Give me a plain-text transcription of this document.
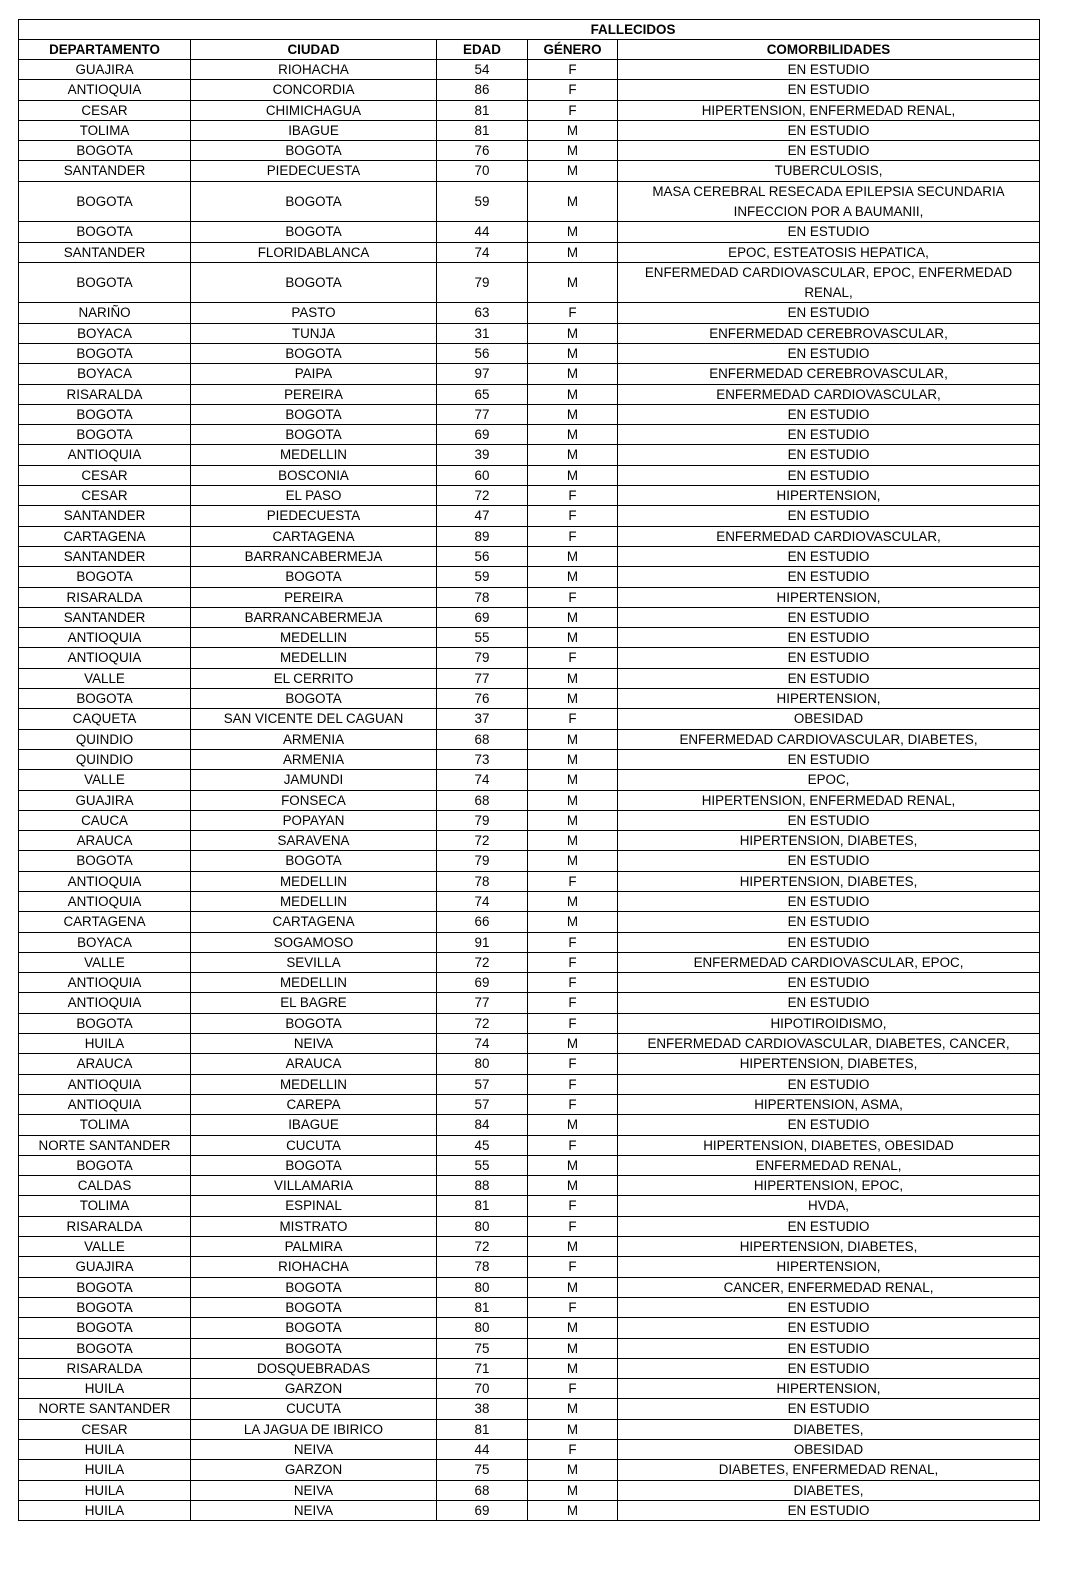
FALLECIDOS				
DEPARTAMENTO	CIUDAD	EDAD	GÉNERO	COMORBILIDADES
GUAJIRA	RIOHACHA	54	F	EN ESTUDIO
ANTIOQUIA	CONCORDIA	86	F	EN ESTUDIO
CESAR	CHIMICHAGUA	81	F	HIPERTENSION, ENFERMEDAD RENAL,
TOLIMA	IBAGUE	81	M	EN ESTUDIO
BOGOTA	BOGOTA	76	M	EN ESTUDIO
SANTANDER	PIEDECUESTA	70	M	TUBERCULOSIS,
BOGOTA	BOGOTA	59	M	MASA CEREBRAL RESECADA EPILEPSIA SECUNDARIA INFECCION POR A BAUMANII,
BOGOTA	BOGOTA	44	M	EN ESTUDIO
SANTANDER	FLORIDABLANCA	74	M	EPOC, ESTEATOSIS HEPATICA,
BOGOTA	BOGOTA	79	M	ENFERMEDAD CARDIOVASCULAR, EPOC, ENFERMEDAD RENAL,
NARIÑO	PASTO	63	F	EN ESTUDIO
BOYACA	TUNJA	31	M	ENFERMEDAD CEREBROVASCULAR,
BOGOTA	BOGOTA	56	M	EN ESTUDIO
BOYACA	PAIPA	97	M	ENFERMEDAD CEREBROVASCULAR,
RISARALDA	PEREIRA	65	M	ENFERMEDAD CARDIOVASCULAR,
BOGOTA	BOGOTA	77	M	EN ESTUDIO
BOGOTA	BOGOTA	69	M	EN ESTUDIO
ANTIOQUIA	MEDELLIN	39	M	EN ESTUDIO
CESAR	BOSCONIA	60	M	EN ESTUDIO
CESAR	EL PASO	72	F	HIPERTENSION,
SANTANDER	PIEDECUESTA	47	F	EN ESTUDIO
CARTAGENA	CARTAGENA	89	F	ENFERMEDAD CARDIOVASCULAR,
SANTANDER	BARRANCABERMEJA	56	M	EN ESTUDIO
BOGOTA	BOGOTA	59	M	EN ESTUDIO
RISARALDA	PEREIRA	78	F	HIPERTENSION,
SANTANDER	BARRANCABERMEJA	69	M	EN ESTUDIO
ANTIOQUIA	MEDELLIN	55	M	EN ESTUDIO
ANTIOQUIA	MEDELLIN	79	F	EN ESTUDIO
VALLE	EL CERRITO	77	M	EN ESTUDIO
BOGOTA	BOGOTA	76	M	HIPERTENSION,
CAQUETA	SAN VICENTE DEL CAGUAN	37	F	OBESIDAD
QUINDIO	ARMENIA	68	M	ENFERMEDAD CARDIOVASCULAR, DIABETES,
QUINDIO	ARMENIA	73	M	EN ESTUDIO
VALLE	JAMUNDI	74	M	EPOC,
GUAJIRA	FONSECA	68	M	HIPERTENSION, ENFERMEDAD RENAL,
CAUCA	POPAYAN	79	M	EN ESTUDIO
ARAUCA	SARAVENA	72	M	HIPERTENSION, DIABETES,
BOGOTA	BOGOTA	79	M	EN ESTUDIO
ANTIOQUIA	MEDELLIN	78	F	HIPERTENSION, DIABETES,
ANTIOQUIA	MEDELLIN	74	M	EN ESTUDIO
CARTAGENA	CARTAGENA	66	M	EN ESTUDIO
BOYACA	SOGAMOSO	91	F	EN ESTUDIO
VALLE	SEVILLA	72	F	ENFERMEDAD CARDIOVASCULAR, EPOC,
ANTIOQUIA	MEDELLIN	69	F	EN ESTUDIO
ANTIOQUIA	EL BAGRE	77	F	EN ESTUDIO
BOGOTA	BOGOTA	72	F	HIPOTIROIDISMO,
HUILA	NEIVA	74	M	ENFERMEDAD CARDIOVASCULAR, DIABETES, CANCER,
ARAUCA	ARAUCA	80	F	HIPERTENSION, DIABETES,
ANTIOQUIA	MEDELLIN	57	F	EN ESTUDIO
ANTIOQUIA	CAREPA	57	F	HIPERTENSION, ASMA,
TOLIMA	IBAGUE	84	M	EN ESTUDIO
NORTE SANTANDER	CUCUTA	45	F	HIPERTENSION, DIABETES, OBESIDAD
BOGOTA	BOGOTA	55	M	ENFERMEDAD RENAL,
CALDAS	VILLAMARIA	88	M	HIPERTENSION, EPOC,
TOLIMA	ESPINAL	81	F	HVDA,
RISARALDA	MISTRATO	80	F	EN ESTUDIO
VALLE	PALMIRA	72	M	HIPERTENSION, DIABETES,
GUAJIRA	RIOHACHA	78	F	HIPERTENSION,
BOGOTA	BOGOTA	80	M	CANCER, ENFERMEDAD RENAL,
BOGOTA	BOGOTA	81	F	EN ESTUDIO
BOGOTA	BOGOTA	80	M	EN ESTUDIO
BOGOTA	BOGOTA	75	M	EN ESTUDIO
RISARALDA	DOSQUEBRADAS	71	M	EN ESTUDIO
HUILA	GARZON	70	F	HIPERTENSION,
NORTE SANTANDER	CUCUTA	38	M	EN ESTUDIO
CESAR	LA JAGUA DE IBIRICO	81	M	DIABETES,
HUILA	NEIVA	44	F	OBESIDAD
HUILA	GARZON	75	M	DIABETES, ENFERMEDAD RENAL,
HUILA	NEIVA	68	M	DIABETES,
HUILA	NEIVA	69	M	EN ESTUDIO
